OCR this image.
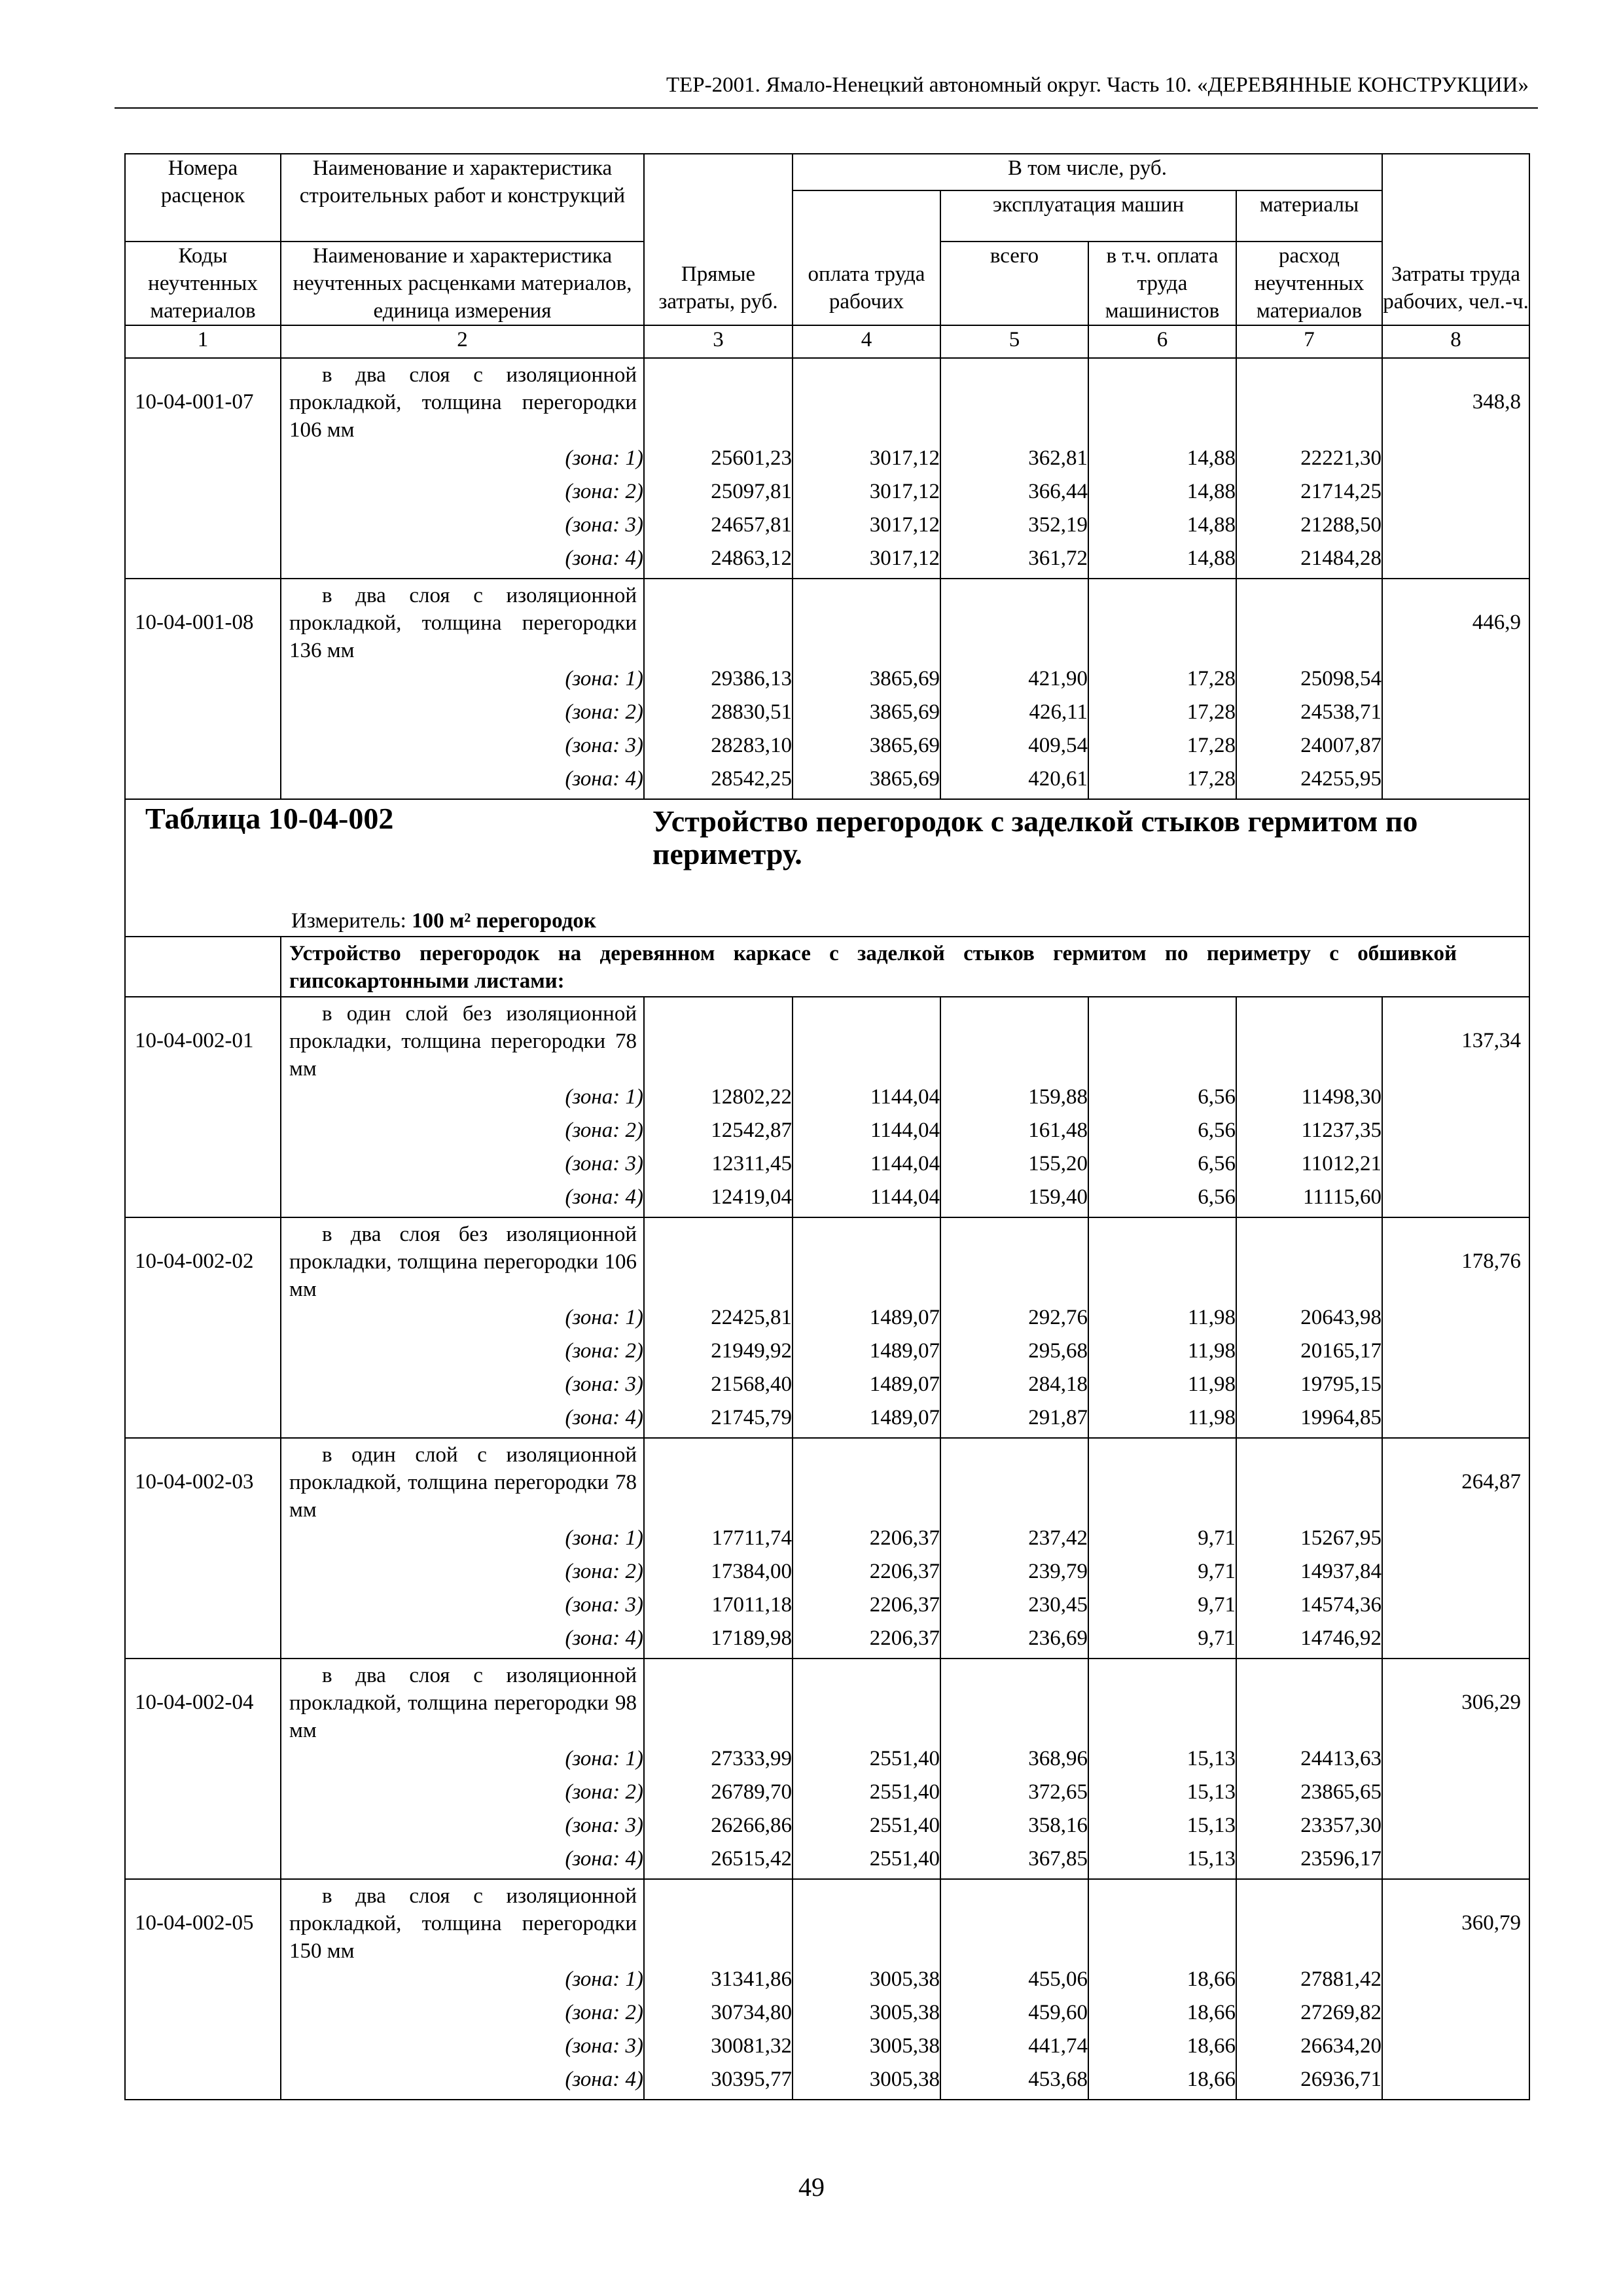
ТЕР-2001. Ямало-Ненецкий автономный округ. Часть 10. «ДЕРЕВЯННЫЕ КОНСТРУКЦИИ»
Номера расценок	Наименование и характеристика строительных работ и конструкций	Прямые затраты, руб.	В том числе, руб.				Затраты труда рабочих, чел.-ч.
			оплата труда рабочих	эксплуатация машин		материалы	
Коды неучтенных материалов	Наименование и характеристика неучтенных расценками материалов, единица измерения			всего	в т.ч. оплата труда машинистов	расход неучтенных материалов	
1	2	3	4	5	6	7	8
10-04-001-07	в два слоя с изоляционной прокладкой, толщина перегородки 106 мм						348,8
	(зона: 1)	25601,23	3017,12	362,81	14,88	22221,30	
	(зона: 2)	25097,81	3017,12	366,44	14,88	21714,25	
	(зона: 3)	24657,81	3017,12	352,19	14,88	21288,50	
	(зона: 4)	24863,12	3017,12	361,72	14,88	21484,28	
10-04-001-08	в два слоя с изоляционной прокладкой, толщина перегородки 136 мм						446,9
	(зона: 1)	29386,13	3865,69	421,90	17,28	25098,54	
	(зона: 2)	28830,51	3865,69	426,11	17,28	24538,71	
	(зона: 3)	28283,10	3865,69	409,54	17,28	24007,87	
	(зона: 4)	28542,25	3865,69	420,61	17,28	24255,95	

Таблица 10-04-002 Устройство перегородок с заделкой стыков гермитом по периметру.
Измеритель: 100 м² перегородок							

	Устройство перегородок на деревянном каркасе с заделкой стыков гермитом по периметру с обшивкой гипсокартонными листами:						
10-04-002-01	в один слой без изоляционной прокладки, толщина перегородки 78 мм						137,34
	(зона: 1)	12802,22	1144,04	159,88	6,56	11498,30	
	(зона: 2)	12542,87	1144,04	161,48	6,56	11237,35	
	(зона: 3)	12311,45	1144,04	155,20	6,56	11012,21	
	(зона: 4)	12419,04	1144,04	159,40	6,56	11115,60	
10-04-002-02	в два слоя без изоляционной прокладки, толщина перегородки 106 мм						178,76
	(зона: 1)	22425,81	1489,07	292,76	11,98	20643,98	
	(зона: 2)	21949,92	1489,07	295,68	11,98	20165,17	
	(зона: 3)	21568,40	1489,07	284,18	11,98	19795,15	
	(зона: 4)	21745,79	1489,07	291,87	11,98	19964,85	
10-04-002-03	в один слой с изоляционной прокладкой, толщина перегородки 78 мм						264,87
	(зона: 1)	17711,74	2206,37	237,42	9,71	15267,95	
	(зона: 2)	17384,00	2206,37	239,79	9,71	14937,84	
	(зона: 3)	17011,18	2206,37	230,45	9,71	14574,36	
	(зона: 4)	17189,98	2206,37	236,69	9,71	14746,92	
10-04-002-04	в два слоя с изоляционной прокладкой, толщина перегородки 98 мм						306,29
	(зона: 1)	27333,99	2551,40	368,96	15,13	24413,63	
	(зона: 2)	26789,70	2551,40	372,65	15,13	23865,65	
	(зона: 3)	26266,86	2551,40	358,16	15,13	23357,30	
	(зона: 4)	26515,42	2551,40	367,85	15,13	23596,17	
10-04-002-05	в два слоя с изоляционной прокладкой, толщина перегородки 150 мм						360,79
	(зона: 1)	31341,86	3005,38	455,06	18,66	27881,42	
	(зона: 2)	30734,80	3005,38	459,60	18,66	27269,82	
	(зона: 3)	30081,32	3005,38	441,74	18,66	26634,20	
	(зона: 4)	30395,77	3005,38	453,68	18,66	26936,71	
49
